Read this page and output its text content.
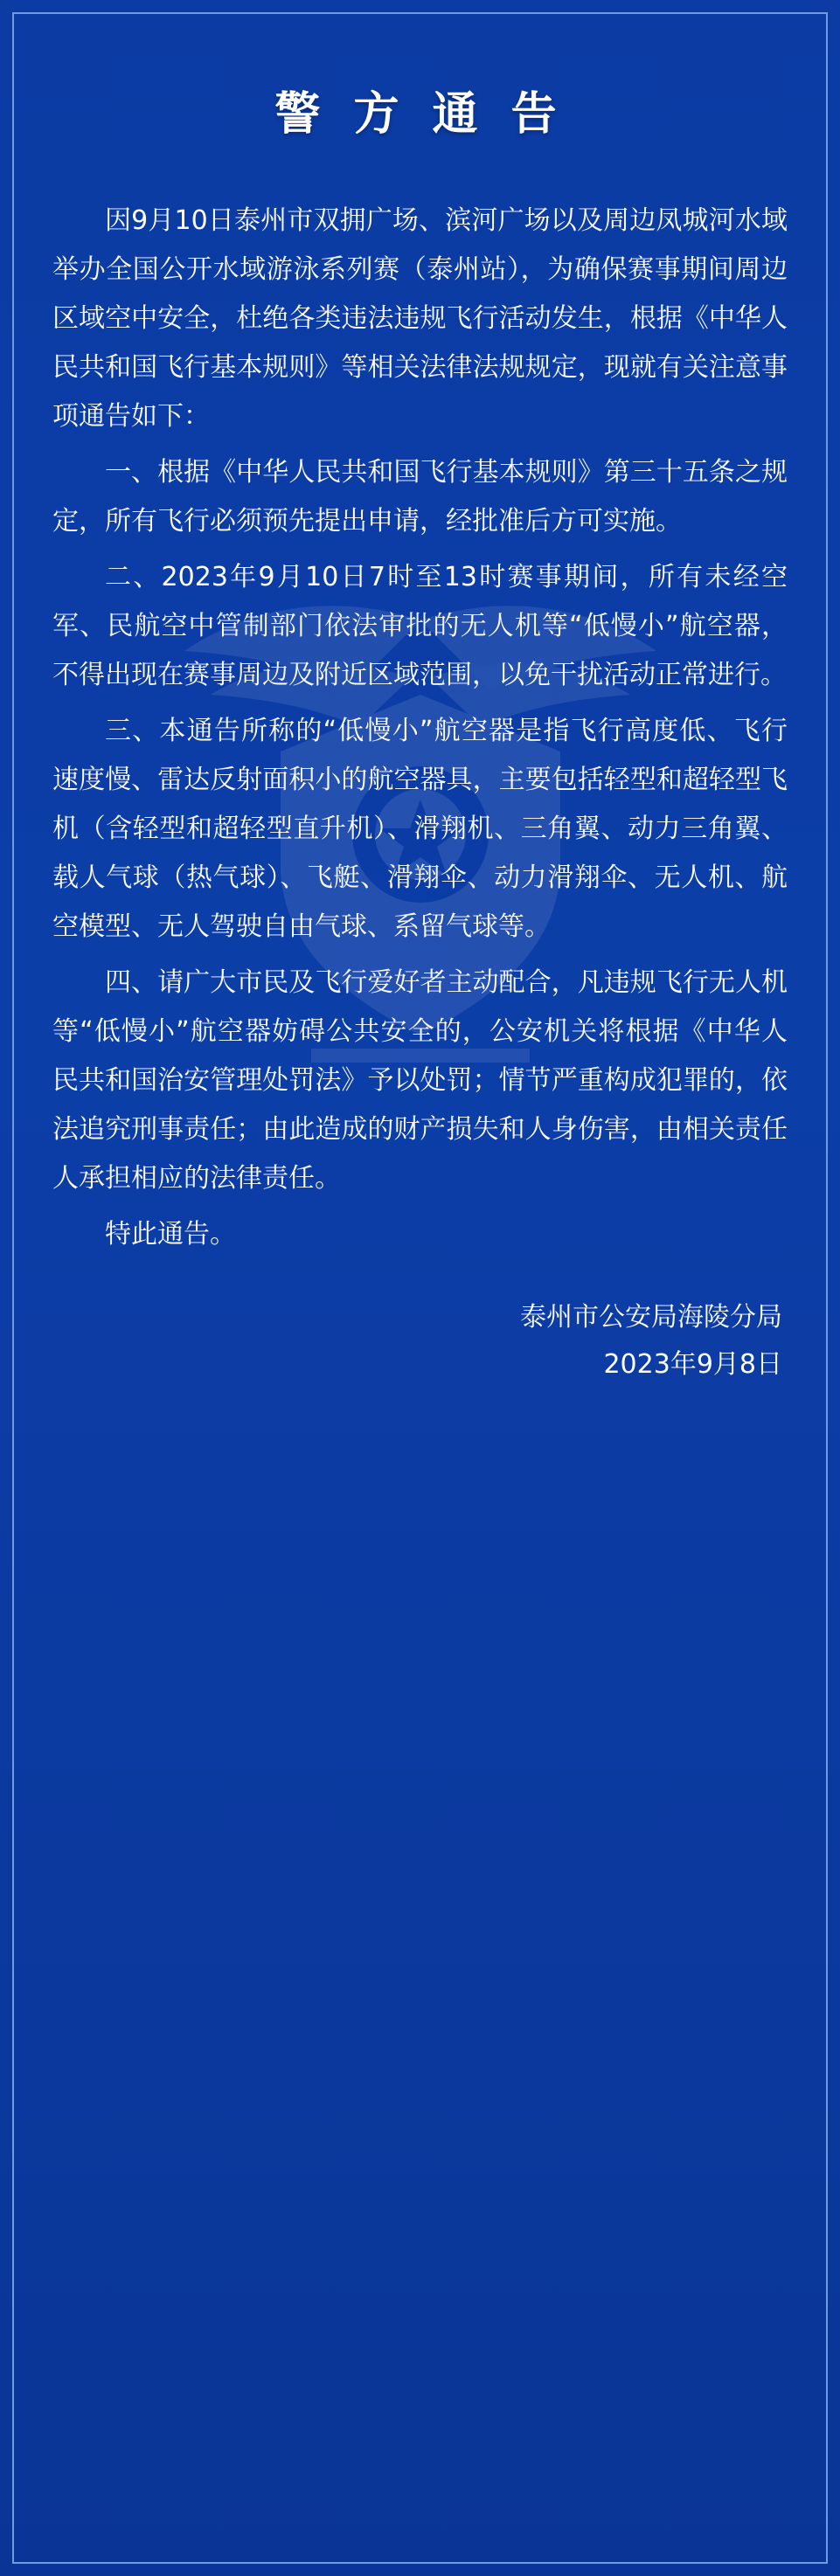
警 方 通 告

因9月10日泰州市双拥广场、滨河广场以及周边凤城河水域举办全国公开水域游泳系列赛（泰州站），为确保赛事期间周边区域空中安全，杜绝各类违法违规飞行活动发生，根据《中华人民共和国飞行基本规则》等相关法律法规规定，现就有关注意事项通告如下：

一、根据《中华人民共和国飞行基本规则》第三十五条之规定，所有飞行必须预先提出申请，经批准后方可实施。

二、2023年9月10日7时至13时赛事期间，所有未经空军、民航空中管制部门依法审批的无人机等“低慢小”航空器，不得出现在赛事周边及附近区域范围，以免干扰活动正常进行。

三、本通告所称的“低慢小”航空器是指飞行高度低、飞行速度慢、雷达反射面积小的航空器具，主要包括轻型和超轻型飞机（含轻型和超轻型直升机）、滑翔机、三角翼、动力三角翼、载人气球（热气球）、飞艇、滑翔伞、动力滑翔伞、无人机、航空模型、无人驾驶自由气球、系留气球等。

四、请广大市民及飞行爱好者主动配合，凡违规飞行无人机等“低慢小”航空器妨碍公共安全的，公安机关将根据《中华人民共和国治安管理处罚法》予以处罚；情节严重构成犯罪的，依法追究刑事责任；由此造成的财产损失和人身伤害，由相关责任人承担相应的法律责任。

特此通告。

泰州市公安局海陵分局
2023年9月8日
